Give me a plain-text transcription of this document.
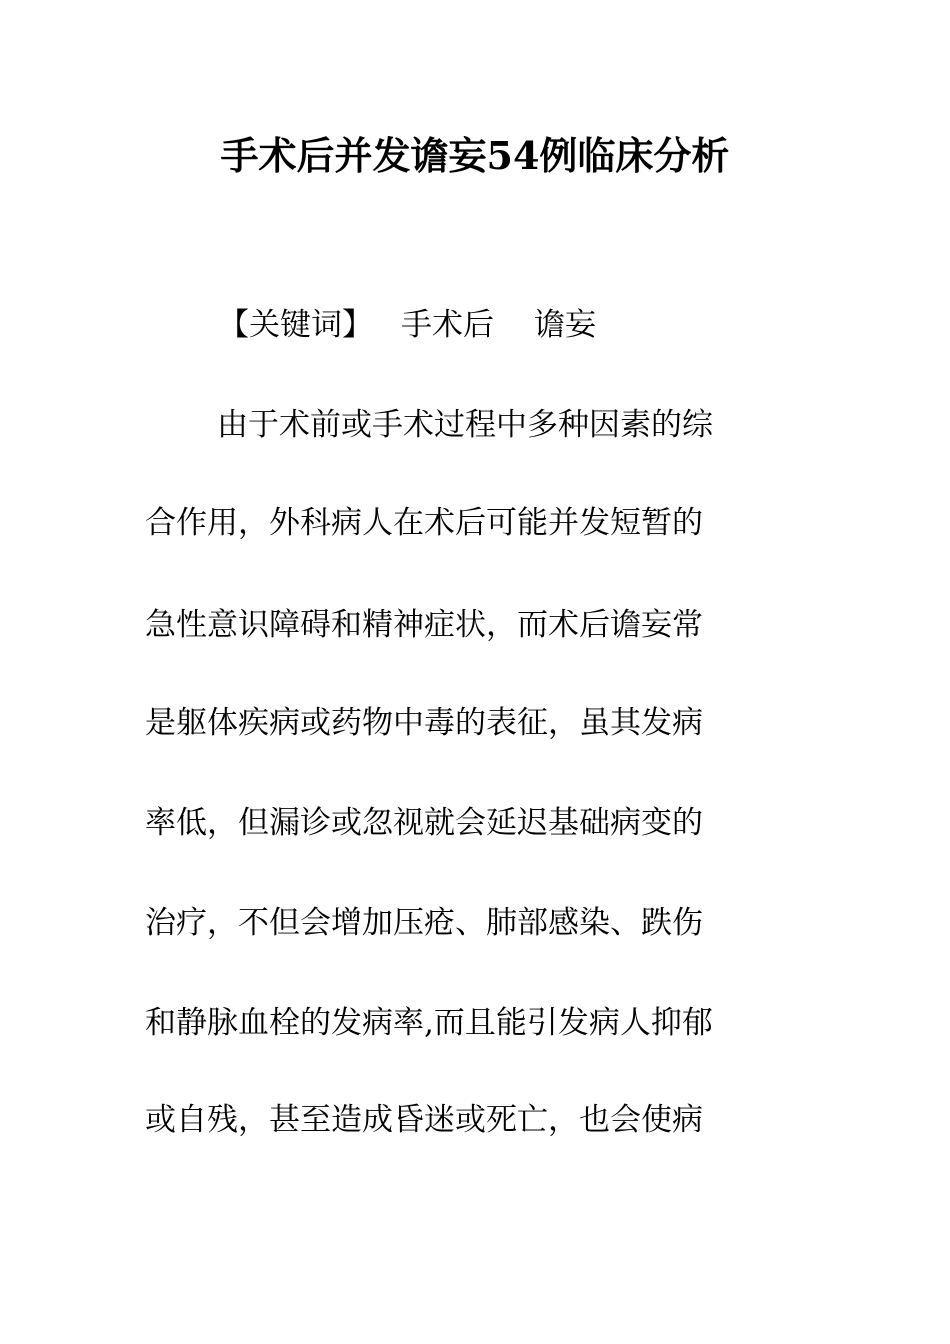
手术后并发谵妄54例临床分析
【关键词】 手术后 谵妄
由于术前或手术过程中多种因素的综
合作用，外科病人在术后可能并发短暂的
急性意识障碍和精神症状，而术后谵妄常
是躯体疾病或药物中毒的表征，虽其发病
率低，但漏诊或忽视就会延迟基础病变的
治疗，不但会增加压疮、肺部感染、跌伤
和静脉血栓的发病率,而且能引发病人抑郁
或自残，甚至造成昏迷或死亡，也会使病
